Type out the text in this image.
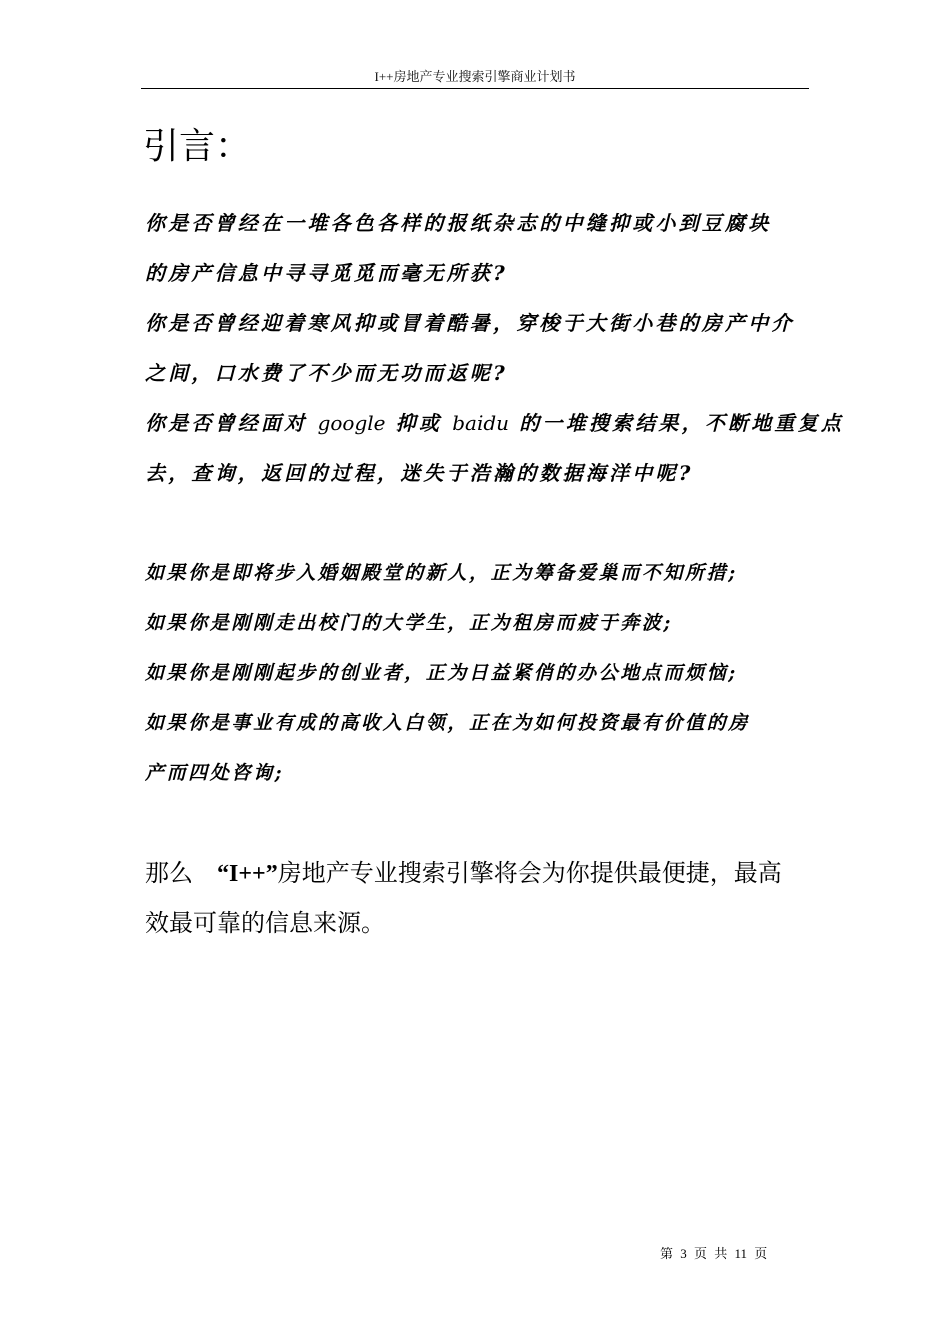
I++房地产专业搜索引擎商业计划书
引言：
你是否曾经在一堆各色各样的报纸杂志的中缝抑或小到豆腐块
的房产信息中寻寻觅觅而毫无所获?
你是否曾经迎着寒风抑或冒着酷暑，穿梭于大街小巷的房产中介
之间，口水费了不少而无功而返呢?
你是否曾经面对 google 抑或 baidu 的一堆搜索结果，不断地重复点
去，查询，返回的过程，迷失于浩瀚的数据海洋中呢?
如果你是即将步入婚姻殿堂的新人，正为筹备爱巢而不知所措;
如果你是刚刚走出校门的大学生，正为租房而疲于奔波;
如果你是刚刚起步的创业者，正为日益紧俏的办公地点而烦恼;
如果你是事业有成的高收入白领，正在为如何投资最有价值的房
产而四处咨询;
那么　“I++”房地产专业搜索引擎将会为你提供最便捷，最高
效最可靠的信息来源。
第 3 页 共 11 页
